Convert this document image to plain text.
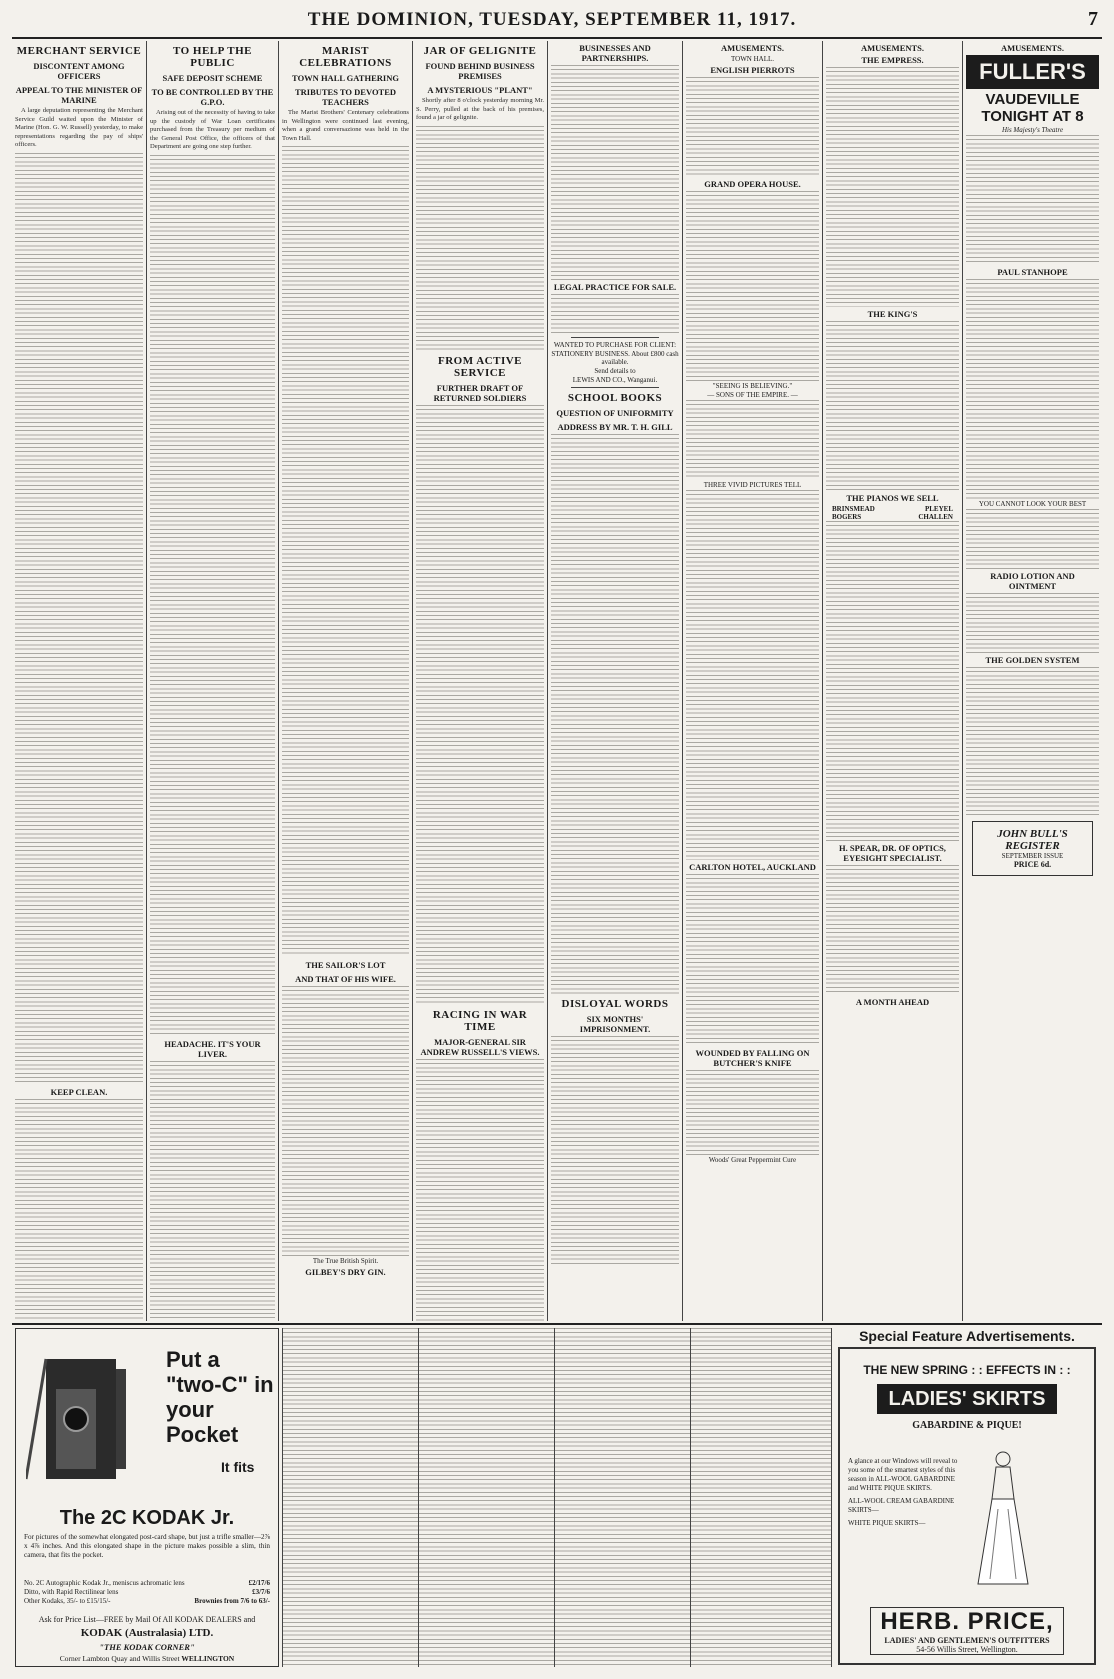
THE DOMINION, TUESDAY, SEPTEMBER 11, 1917.	7
MERCHANT SERVICE
DISCONTENT AMONG OFFICERS
APPEAL TO THE MINISTER OF MARINE

A large deputation representing the Merchant Service Guild waited upon the Minister of Marine (Hon. G. W. Russell) yesterday, to make representations regarding the pay of ships' officers.

KEEP CLEAN.
TO HELP THE PUBLIC
SAFE DEPOSIT SCHEME
TO BE CONTROLLED BY THE G.P.O.

Arising out of the necessity of having to take up the custody of War Loan certificates purchased from the Treasury per medium of the General Post Office, the officers of that Department are going one step further.

HEADACHE. IT'S YOUR LIVER.
MARIST CELEBRATIONS
TOWN HALL GATHERING
TRIBUTES TO DEVOTED TEACHERS

The Marist Brothers' Centenary celebrations in Wellington were continued last evening, when a grand conversazione was held in the Town Hall.

THE SAILOR'S LOT
AND THAT OF HIS WIFE.
The True British Spirit.
GILBEY'S DRY GIN.
JAR OF GELIGNITE
FOUND BEHIND BUSINESS PREMISES
A MYSTERIOUS "PLANT"

Shortly after 8 o'clock yesterday morning Mr. S. Perry, pulled at the back of his premises, found a jar of gelignite.

FROM ACTIVE SERVICE
FURTHER DRAFT OF RETURNED SOLDIERS
RACING IN WAR TIME
MAJOR-GENERAL SIR ANDREW RUSSELL'S VIEWS.
BUSINESSES AND PARTNERSHIPS.
LEGAL PRACTICE FOR SALE.
WANTED TO PURCHASE FOR CLIENT:
STATIONERY BUSINESS. About £800 cash available.
Send details to
LEWIS AND CO., Wanganui.
SCHOOL BOOKS
QUESTION OF UNIFORMITY
ADDRESS BY MR. T. H. GILL
DISLOYAL WORDS
SIX MONTHS' IMPRISONMENT.
AMUSEMENTS.
TOWN HALL.
ENGLISH PIERROTS
GRAND OPERA HOUSE.
"SEEING IS BELIEVING."
— SONS OF THE EMPIRE. —
THREE VIVID PICTURES TELL
CARLTON HOTEL, AUCKLAND
WOUNDED BY FALLING ON BUTCHER'S KNIFE
Woods' Great Peppermint Cure
AMUSEMENTS.
THE EMPRESS.
THE KING'S
THE PIANOS WE SELL
BRINSMEAD	PLEYEL
BOGERS	CHALLEN
H. SPEAR, DR. OF OPTICS, EYESIGHT SPECIALIST.
A MONTH AHEAD
AMUSEMENTS.
FULLER'S
VAUDEVILLE TONIGHT AT 8
His Majesty's Theatre
PAUL STANHOPE
YOU CANNOT LOOK YOUR BEST
RADIO LOTION AND OINTMENT
THE GOLDEN SYSTEM
JOHN BULL'S REGISTER
SEPTEMBER ISSUE
PRICE 6d.
Put a "two-C" in your Pocket
It fits
The 2C KODAK Jr.
For pictures of the somewhat elongated post-card shape, but just a trifle smaller—2⅞ x 4⅞ inches. And this elongated shape in the picture makes possible a slim, thin camera, that fits the pocket.
No. 2C Autographic Kodak Jr., meniscus achromatic lens	£2/17/6
Ditto, with Rapid Rectilinear lens	£3/7/6
Other Kodaks, 35/- to £15/15/-	Brownies from 7/6 to 63/-
Ask for Price List—FREE by Mail Of All KODAK DEALERS and
KODAK (Australasia) LTD.
"THE KODAK CORNER"
Corner Lambton Quay and Willis Street WELLINGTON
Special Feature Advertisements.
THE NEW SPRING : : EFFECTS IN : :
LADIES' SKIRTS
GABARDINE & PIQUE!
A glance at our Windows will reveal to you some of the smartest styles of this season in ALL-WOOL GABARDINE and WHITE PIQUE SKIRTS.
ALL-WOOL CREAM GABARDINE SKIRTS—
WHITE PIQUE SKIRTS—
HERB. PRICE,
LADIES' AND GENTLEMEN'S OUTFITTERS
54-56 Willis Street, Wellington.
